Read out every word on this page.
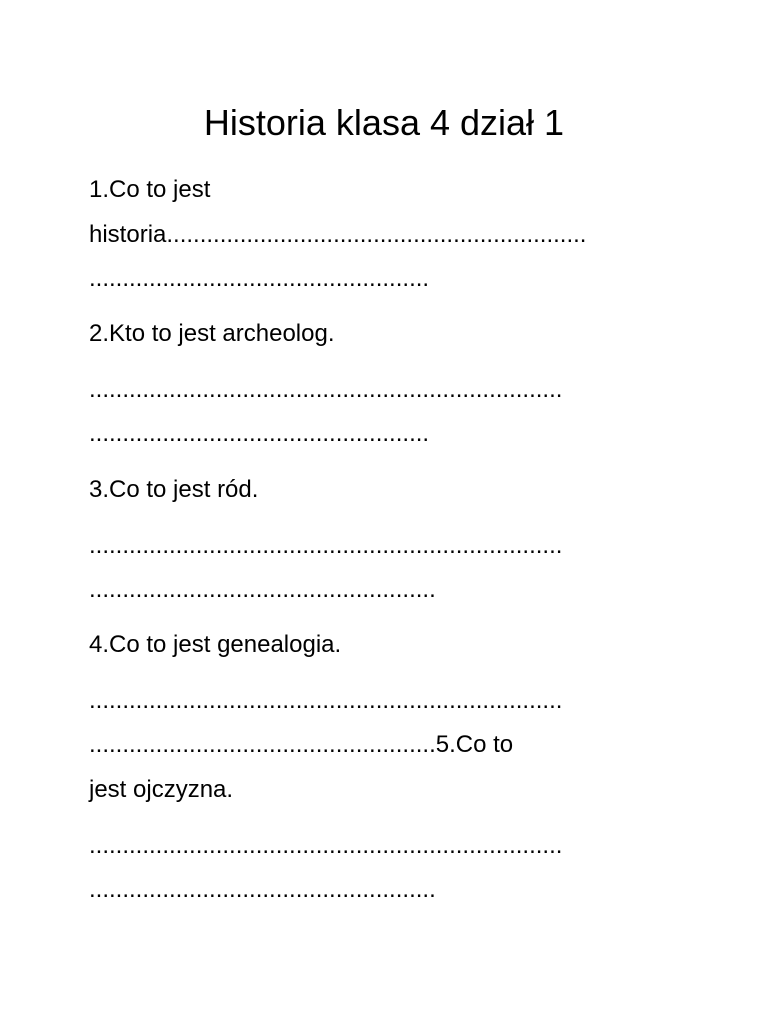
Historia klasa 4 dział 1
1.Co to jest
historia...............................................................
...................................................
2.Kto to jest archeolog.
.......................................................................
...................................................
3.Co to jest ród.
.......................................................................
....................................................
4.Co to jest genealogia.
.......................................................................
....................................................5.Co to
jest ojczyzna.
.......................................................................
....................................................
